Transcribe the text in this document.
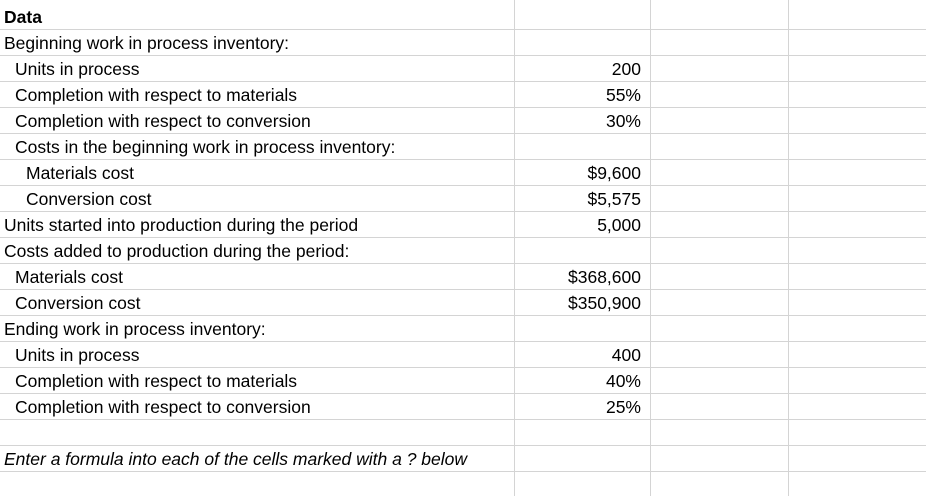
Data
Beginning work in process inventory:
Units in process	200
Completion with respect to materials	55%
Completion with respect to conversion	30%
Costs in the beginning work in process inventory:
Materials cost	$9,600
Conversion cost	$5,575
Units started into production during the period	5,000
Costs added to production during the period:
Materials cost	$368,600
Conversion cost	$350,900
Ending work in process inventory:
Units in process	400
Completion with respect to materials	40%
Completion with respect to conversion	25%
Enter a formula into each of the cells marked with a ? below
